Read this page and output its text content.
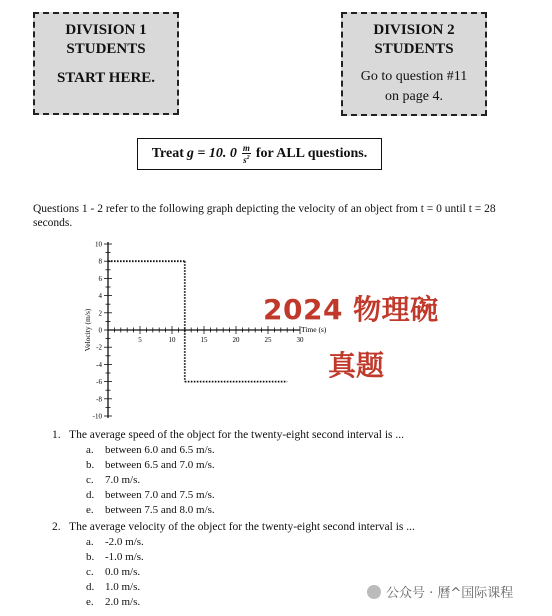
DIVISION 1
STUDENTS
START HERE.
DIVISION 2
STUDENTS
Go to question #11
on page 4.
Treat g = 10. $0 \frac{m}{s^2}$ for ALL questions.
Questions 1 - 2 refer to the following graph depicting the velocity of an object from t = 0 until t = 28 seconds.
10
8
6
4
2
0
-2
-4
-6
-8
-10
5	10	15	20	25	30
Time (s)
Velocity (m/s)	2024 物理碗
真题
1. The average speed of the object for the twenty-eight second interval is ...
a.	between 6.0 and 6.5 m/s.
b. between 6.5 and 7.0 m/s.
c.	7.0 m/s.
d. between 7.0 and 7.5 m/s.
e.	between 7.5 and 8.0 m/s.
2. The average velocity of the object for the twenty-eight second interval is ...
a.	-2.0 m/s.
b. -1.0 m/s.
c.	0.0 m/s.
d. 1.0 m/s.
e.	2.0 m/s.
公众号 · 曆^国际课程
